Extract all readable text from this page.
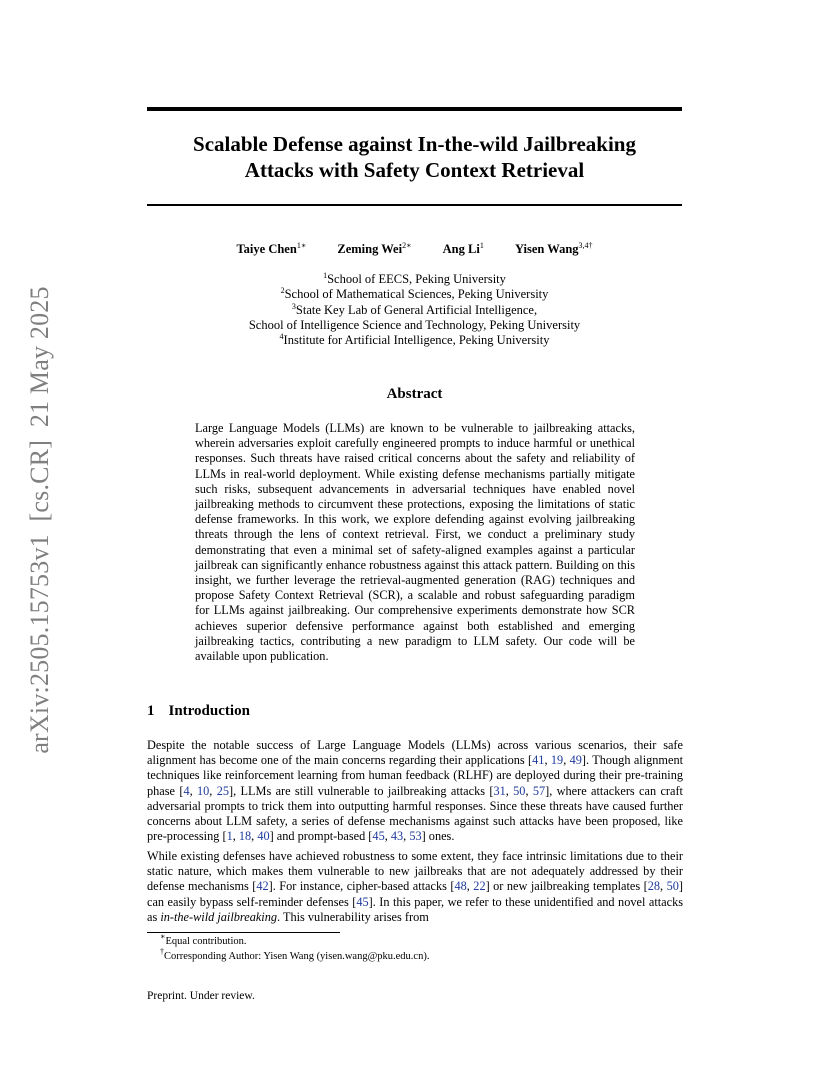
arXiv:2505.15753v1 [cs.CR] 21 May 2025
Scalable Defense against In-the-wild Jailbreaking
Attacks with Safety Context Retrieval
Taiye Chen$^{1∗}$ Zeming Wei$^{2∗}$ Ang Li$^1$ Yisen Wang$^{3,4\dagger}$
$^1$School of EECS, Peking University
$^2$School of Mathematical Sciences, Peking University
$^3$State Key Lab of General Artificial Intelligence,
School of Intelligence Science and Technology, Peking University
$^4$Institute for Artificial Intelligence, Peking University
Abstract
Large Language Models (LLMs) are known to be vulnerable to jailbreaking attacks, wherein adversaries exploit carefully engineered prompts to induce harmful or unethical responses. Such threats have raised critical concerns about the safety and reliability of LLMs in real-world deployment. While existing defense mechanisms partially mitigate such risks, subsequent advancements in adversarial techniques have enabled novel jailbreaking methods to circumvent these protections, exposing the limitations of static defense frameworks. In this work, we explore defending against evolving jailbreaking threats through the lens of context retrieval. First, we conduct a preliminary study demonstrating that even a minimal set of safety-aligned examples against a particular jailbreak can significantly enhance robustness against this attack pattern. Building on this insight, we further leverage the retrieval-augmented generation (RAG) techniques and propose Safety Context Retrieval (SCR), a scalable and robust safeguarding paradigm for LLMs against jailbreaking. Our comprehensive experiments demonstrate how SCR achieves superior defensive performance against both established and emerging jailbreaking tactics, contributing a new paradigm to LLM safety. Our code will be available upon publication.
1 Introduction
Despite the notable success of Large Language Models (LLMs) across various scenarios, their safe alignment has become one of the main concerns regarding their applications [41, 19, 49]. Though alignment techniques like reinforcement learning from human feedback (RLHF) are deployed during their pre-training phase [4, 10, 25], LLMs are still vulnerable to jailbreaking attacks [31, 50, 57], where attackers can craft adversarial prompts to trick them into outputting harmful responses. Since these threats have caused further concerns about LLM safety, a series of defense mechanisms against such attacks have been proposed, like pre-processing [1, 18, 40] and prompt-based [45, 43, 53] ones.
While existing defenses have achieved robustness to some extent, they face intrinsic limitations due to their static nature, which makes them vulnerable to new jailbreaks that are not adequately addressed by their defense mechanisms [42]. For instance, cipher-based attacks [48, 22] or new jailbreaking templates [28, 50] can easily bypass self-reminder defenses [45]. In this paper, we refer to these unidentified and novel attacks as in-the-wild jailbreaking. This vulnerability arises from
∗Equal contribution.
†Corresponding Author: Yisen Wang (yisen.wang@pku.edu.cn).
Preprint. Under review.
